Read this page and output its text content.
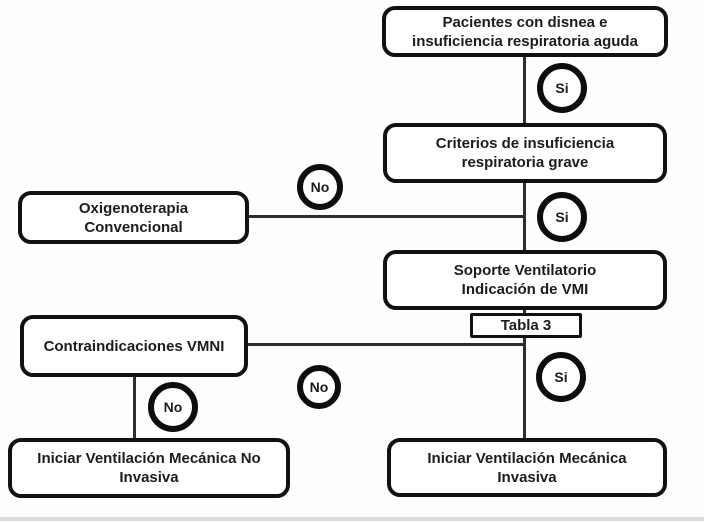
Pacientes con disnea e
insuficiencia respiratoria aguda
Criterios de insuficiencia
respiratoria grave
Oxigenoterapia
Convencional
Soporte Ventilatorio
Indicación de VMI
Tabla 3
Contraindicaciones VMNI
Iniciar Ventilación Mecánica No
Invasiva
Iniciar Ventilación Mecánica
Invasiva
Si
Si
Si
No
No
No
